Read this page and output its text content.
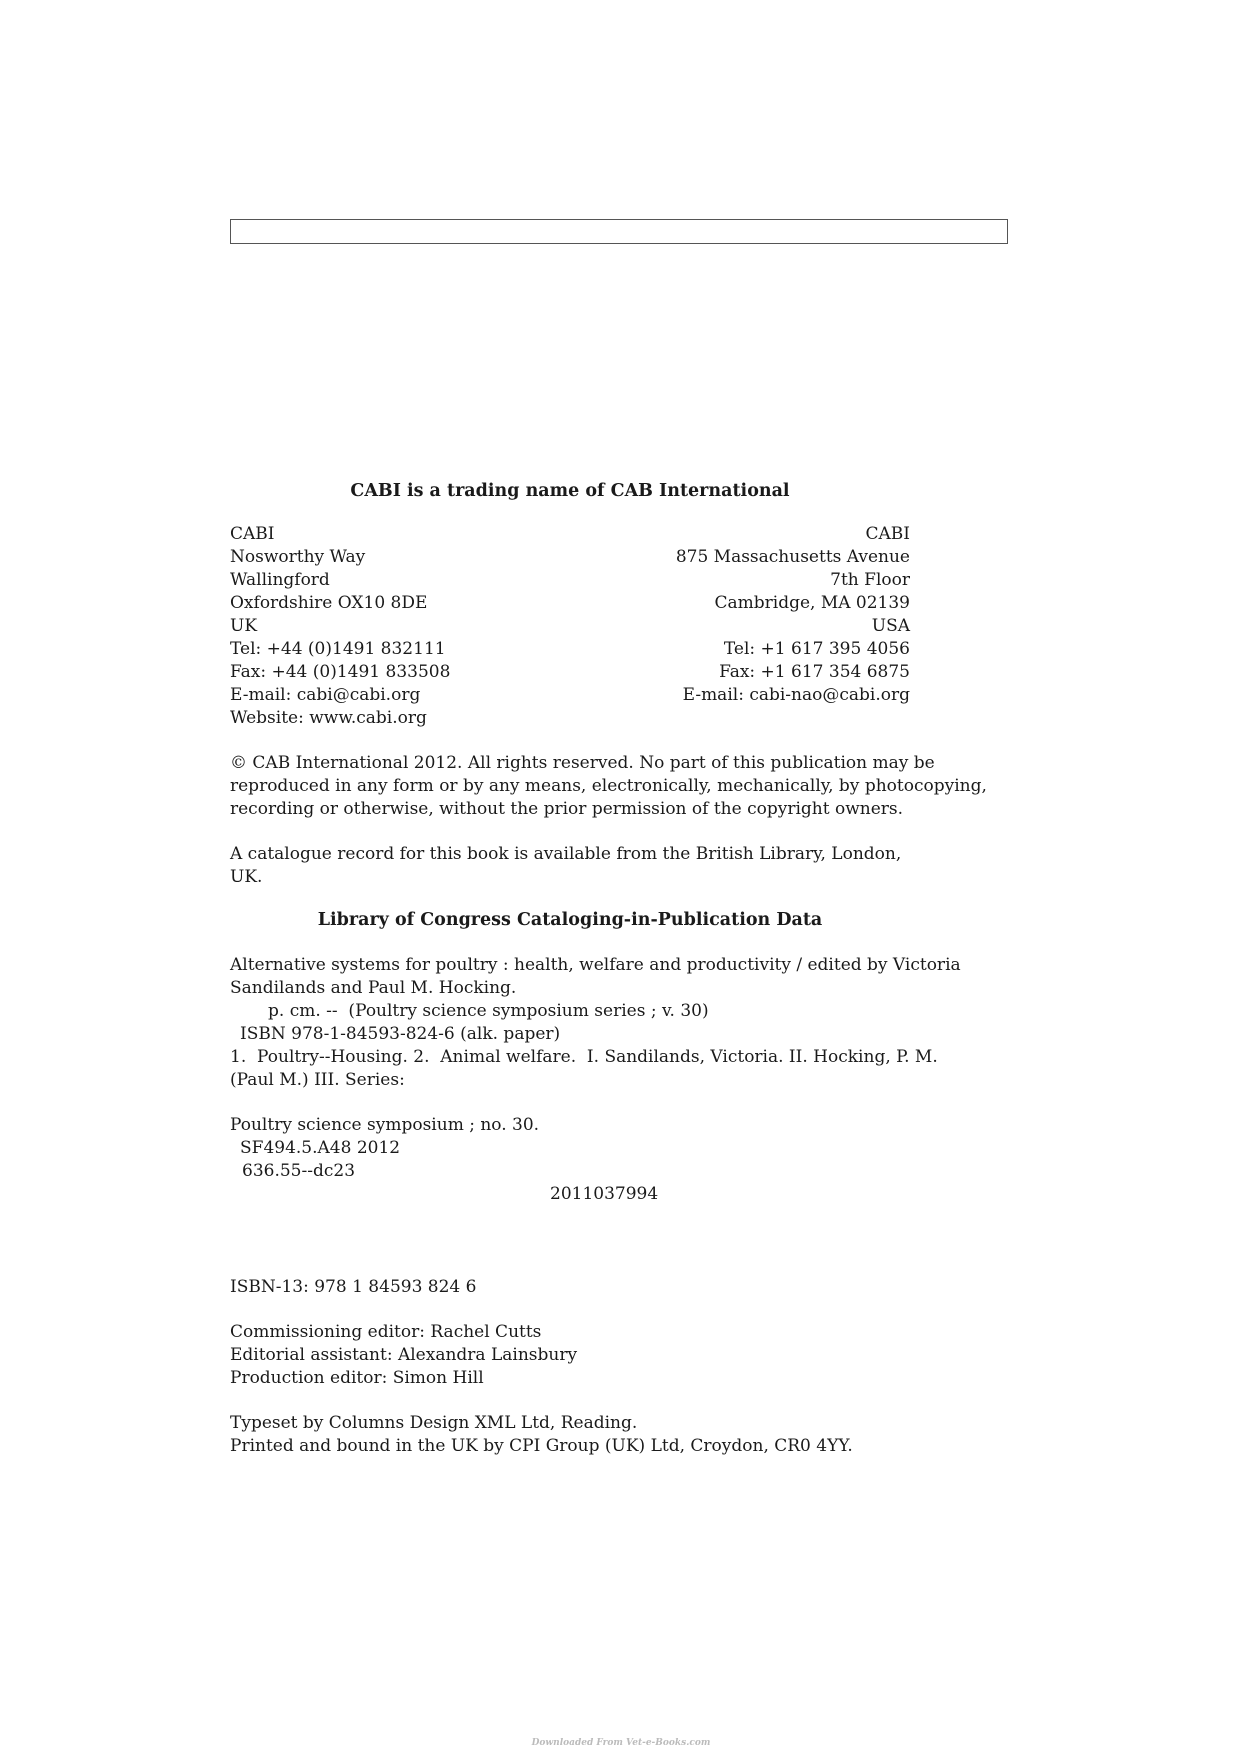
CABI is a trading name of CAB International

CABI
Nosworthy Way
Wallingford
Oxfordshire OX10 8DE
UK
Tel: +44 (0)1491 832111
Fax: +44 (0)1491 833508
E-mail: cabi@cabi.org
Website: www.cabi.org
CABI
875 Massachusetts Avenue
7th Floor
Cambridge, MA 02139
USA
Tel: +1 617 395 4056
Fax: +1 617 354 6875
E-mail: cabi-nao@cabi.org
© CAB International 2012. All rights reserved. No part of this publication may be
reproduced in any form or by any means, electronically, mechanically, by photocopying,
recording or otherwise, without the prior permission of the copyright owners.
A catalogue record for this book is available from the British Library, London, UK.

Library of Congress Cataloging-in-Publication Data

Alternative systems for poultry : health, welfare and productivity / edited by Victoria
Sandilands and Paul M. Hocking.
p. cm. --  (Poultry science symposium series ; v. 30)
ISBN 978-1-84593-824-6 (alk. paper)
1.  Poultry--Housing. 2.  Animal welfare.  I. Sandilands, Victoria. II. Hocking, P. M.
(Paul M.) III. Series:
Poultry science symposium ; no. 30.
SF494.5.A48 2012
636.55--dc23
2011037994
ISBN-13: 978 1 84593 824 6
Commissioning editor: Rachel Cutts
Editorial assistant: Alexandra Lainsbury
Production editor: Simon Hill
Typeset by Columns Design XML Ltd, Reading.
Printed and bound in the UK by CPI Group (UK) Ltd, Croydon, CR0 4YY.
Downloaded From Vet-e-Books.com
